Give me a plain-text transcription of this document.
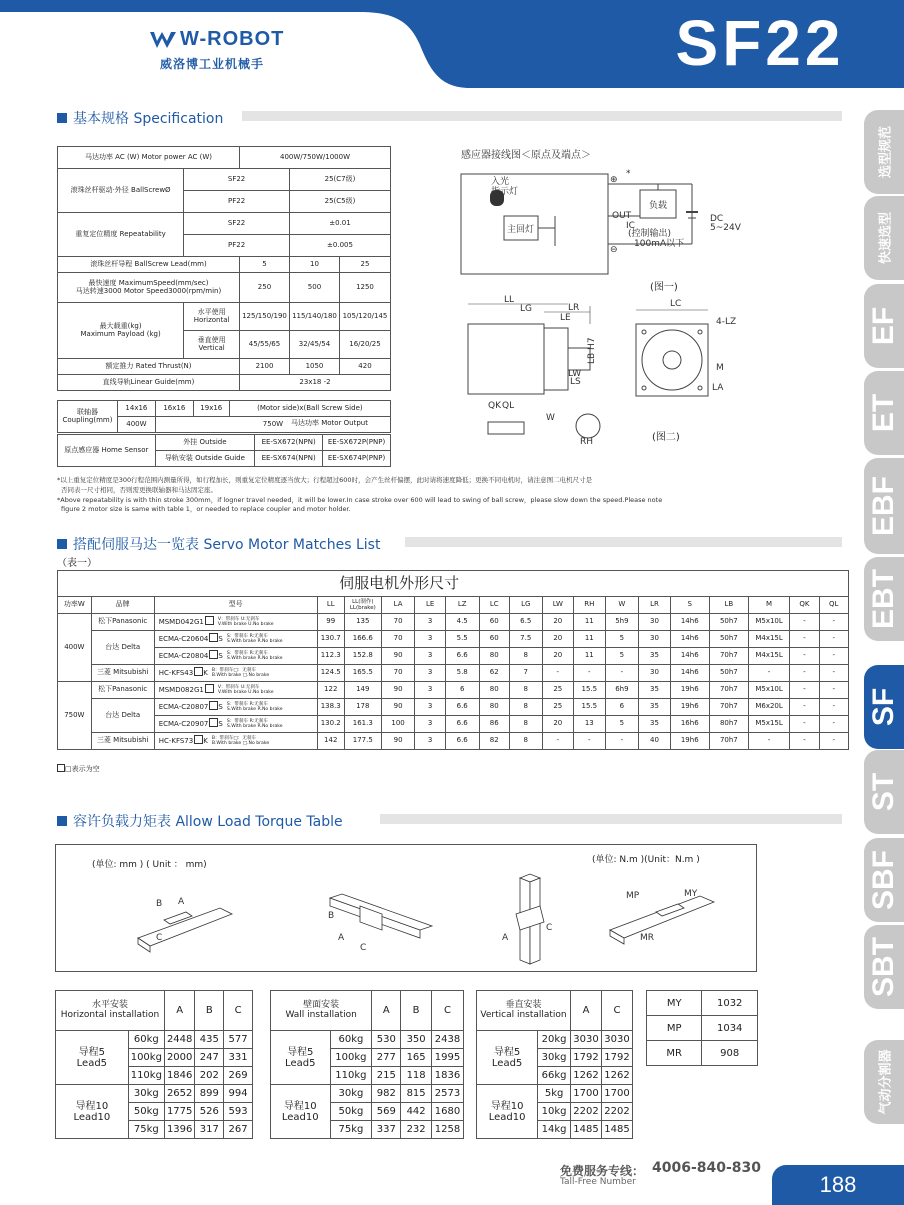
W-ROBOT
威洛博工业机械手	SF22
基本规格 Specification
马达功率 AC (W) Motor power AC (W)		400W/750W/1000W		
滚珠丝杆驱动·外径 BallScrewØ	SF22		25(C7级)	
	PF22		25(C5级)	
重复定位精度 Repeatability	SF22		±0.01	
	PF22		±0.005	
滚珠丝杆导程 BallScrew Lead(mm)		5	10	25
最快速度 MaximumSpeed(mm/sec)
马达转速3000 Motor Speed3000(rpm/min)		250	500	1250
最大载重(kg)
Maximum Payload (kg)	水平使用
Horizontal	125/150/190	115/140/180	105/120/145
	垂直使用
Vertical	45/55/65	32/45/54	16/20/25
额定推力 Rated Thrust(N)		2100	1050	420
直线导轨Linear Guide(mm)		23x18 -2		
联轴器
Coupling(mm)	14x16	16x16	19x16	(Motor side)x(Ball Screw Side)
	400W	750W	马达功率 Motor Output
原点感应器 Home Sensor	外挂 Outside	EE-SX672(NPN)	EE-SX672P(PNP)
	导轨安装 Outside Guide	EE-SX674(NPN)	EE-SX674P(PNP)
*以上重复定位精度是300行程范围内测量所得，如行程加长，则重复定位精度逐当放大；行程超过600时，会产生丝杆偏摆，此时请将速度降低；更换不同电机时，请注意图二电机尺寸是
否同表一尺寸相同，否则需更换联轴器和马达固定座。
*Above repeatability is with thin stroke 300mm，if logner travel needed，it will be lower.In case stroke over 600 will lead to swing of ball screw，please slow down the speed.Please note
figure 2 motor size is same with table 1，or needed to replace coupler and motor holder.
感应器接线图＜原点及端点＞
入光
指示灯
主回灯
负载
OUT
IC
(控制输出)
100mA以下
DC
5~24V
⊕
⊖
*
(图一)
LL
LG	LR
LE
LB H7
LW
LS
LC
LA
M
4-LZ
QK QL
W
RH	(图二)
搭配伺服马达一览表 Servo Motor Matches List
（表一）
			伺服电机外形尺寸															
功率W	品牌	型号	LL	LL(制作)
LL(brake)	LA	LE	LZ	LC	LG	LW	RH	W	LR	S	LB	M	QK	QL
400W	松下Panasonic	MSMD042G1 V：带刹车 U:无刹车
V.With brake U.No brake	99	135	70	3	4.5	60	6.5	20	11	5h9	30	14h6	50h7	M5x10L	-	-
	台达 Delta	ECMA-C20604 S S：带刹车 R:无刹车
S.With brake R.No brake	130.7	166.6	70	3	5.5	60	7.5	20	11	5	30	14h6	50h7	M4x15L	-	-
		ECMA-C20804 S S：带刹车 R:无刹车
S.With brake R.No brake	112.3	152.8	90	3	6.6	80	8	20	11	5	35	14h6	70h7	M4x15L	-	-
	三菱 Mitsubishi	HC-KFS43 K B：带刹车□：无刹车
B.With brake □.No brake	124.5	165.5	70	3	5.8	62	7	-	-	-	30	14h6	50h7	-	-	-
750W	松下Panasonic	MSMD082G1 V：带刹车 U:无刹车
V.With brake U.No brake	122	149	90	3	6	80	8	25	15.5	6h9	35	19h6	70h7	M5x10L	-	-
	台达 Delta	ECMA-C20807 S S：带刹车 R:无刹车
S.With brake R.No brake	138.3	178	90	3	6.6	80	8	25	15.5	6	35	19h6	70h7	M6x20L	-	-
		ECMA-C20907 S S：带刹车 R:无刹车
S.With brake R.No brake	130.2	161.3	100	3	6.6	86	8	20	13	5	35	16h6	80h7	M5x15L	-	-
	三菱 Mitsubishi	HC-KFS73 K B：带刹车□：无刹车
B.With brake □.No brake	142	177.5	90	3	6.6	82	8	-	-	-	40	19h6	70h7	-	-	-
□表示为空
容许负载力矩表 Allow Load Torque Table
(单位: mm ) ( Unit ： mm)	(单位: N.m )(Unit：N.m )
B A
C
B
A
C
A
C
MP	MY
MR
水平安装
Horizontal installation		A	B	C
导程5
Lead5	60kg	2448	435	577
	100kg	2000	247	331
	110kg	1846	202	269
导程10
Lead10	30kg	2652	899	994
	50kg	1775	526	593
	75kg	1396	317	267
壁面安装
Wall installation		A	B	C
导程5
Lead5	60kg	530	350	2438
	100kg	277	165	1995
	110kg	215	118	1836
导程10
Lead10	30kg	982	815	2573
	50kg	569	442	1680
	75kg	337	232	1258
垂直安装
Vertical installation		A	C
导程5
Lead5	20kg	3030	3030
	30kg	1792	1792
	66kg	1262	1262
导程10
Lead10	5kg	1700	1700
	10kg	2202	2202
	14kg	1485	1485
MY	1032
MP	1034
MR	908
选型规范
快速选型
EF
ET
EBF
EBT
SF
ST
SBF
SBT
气动分割器
免费服务专线： 4006-840-830
Tall-Free Number	188
